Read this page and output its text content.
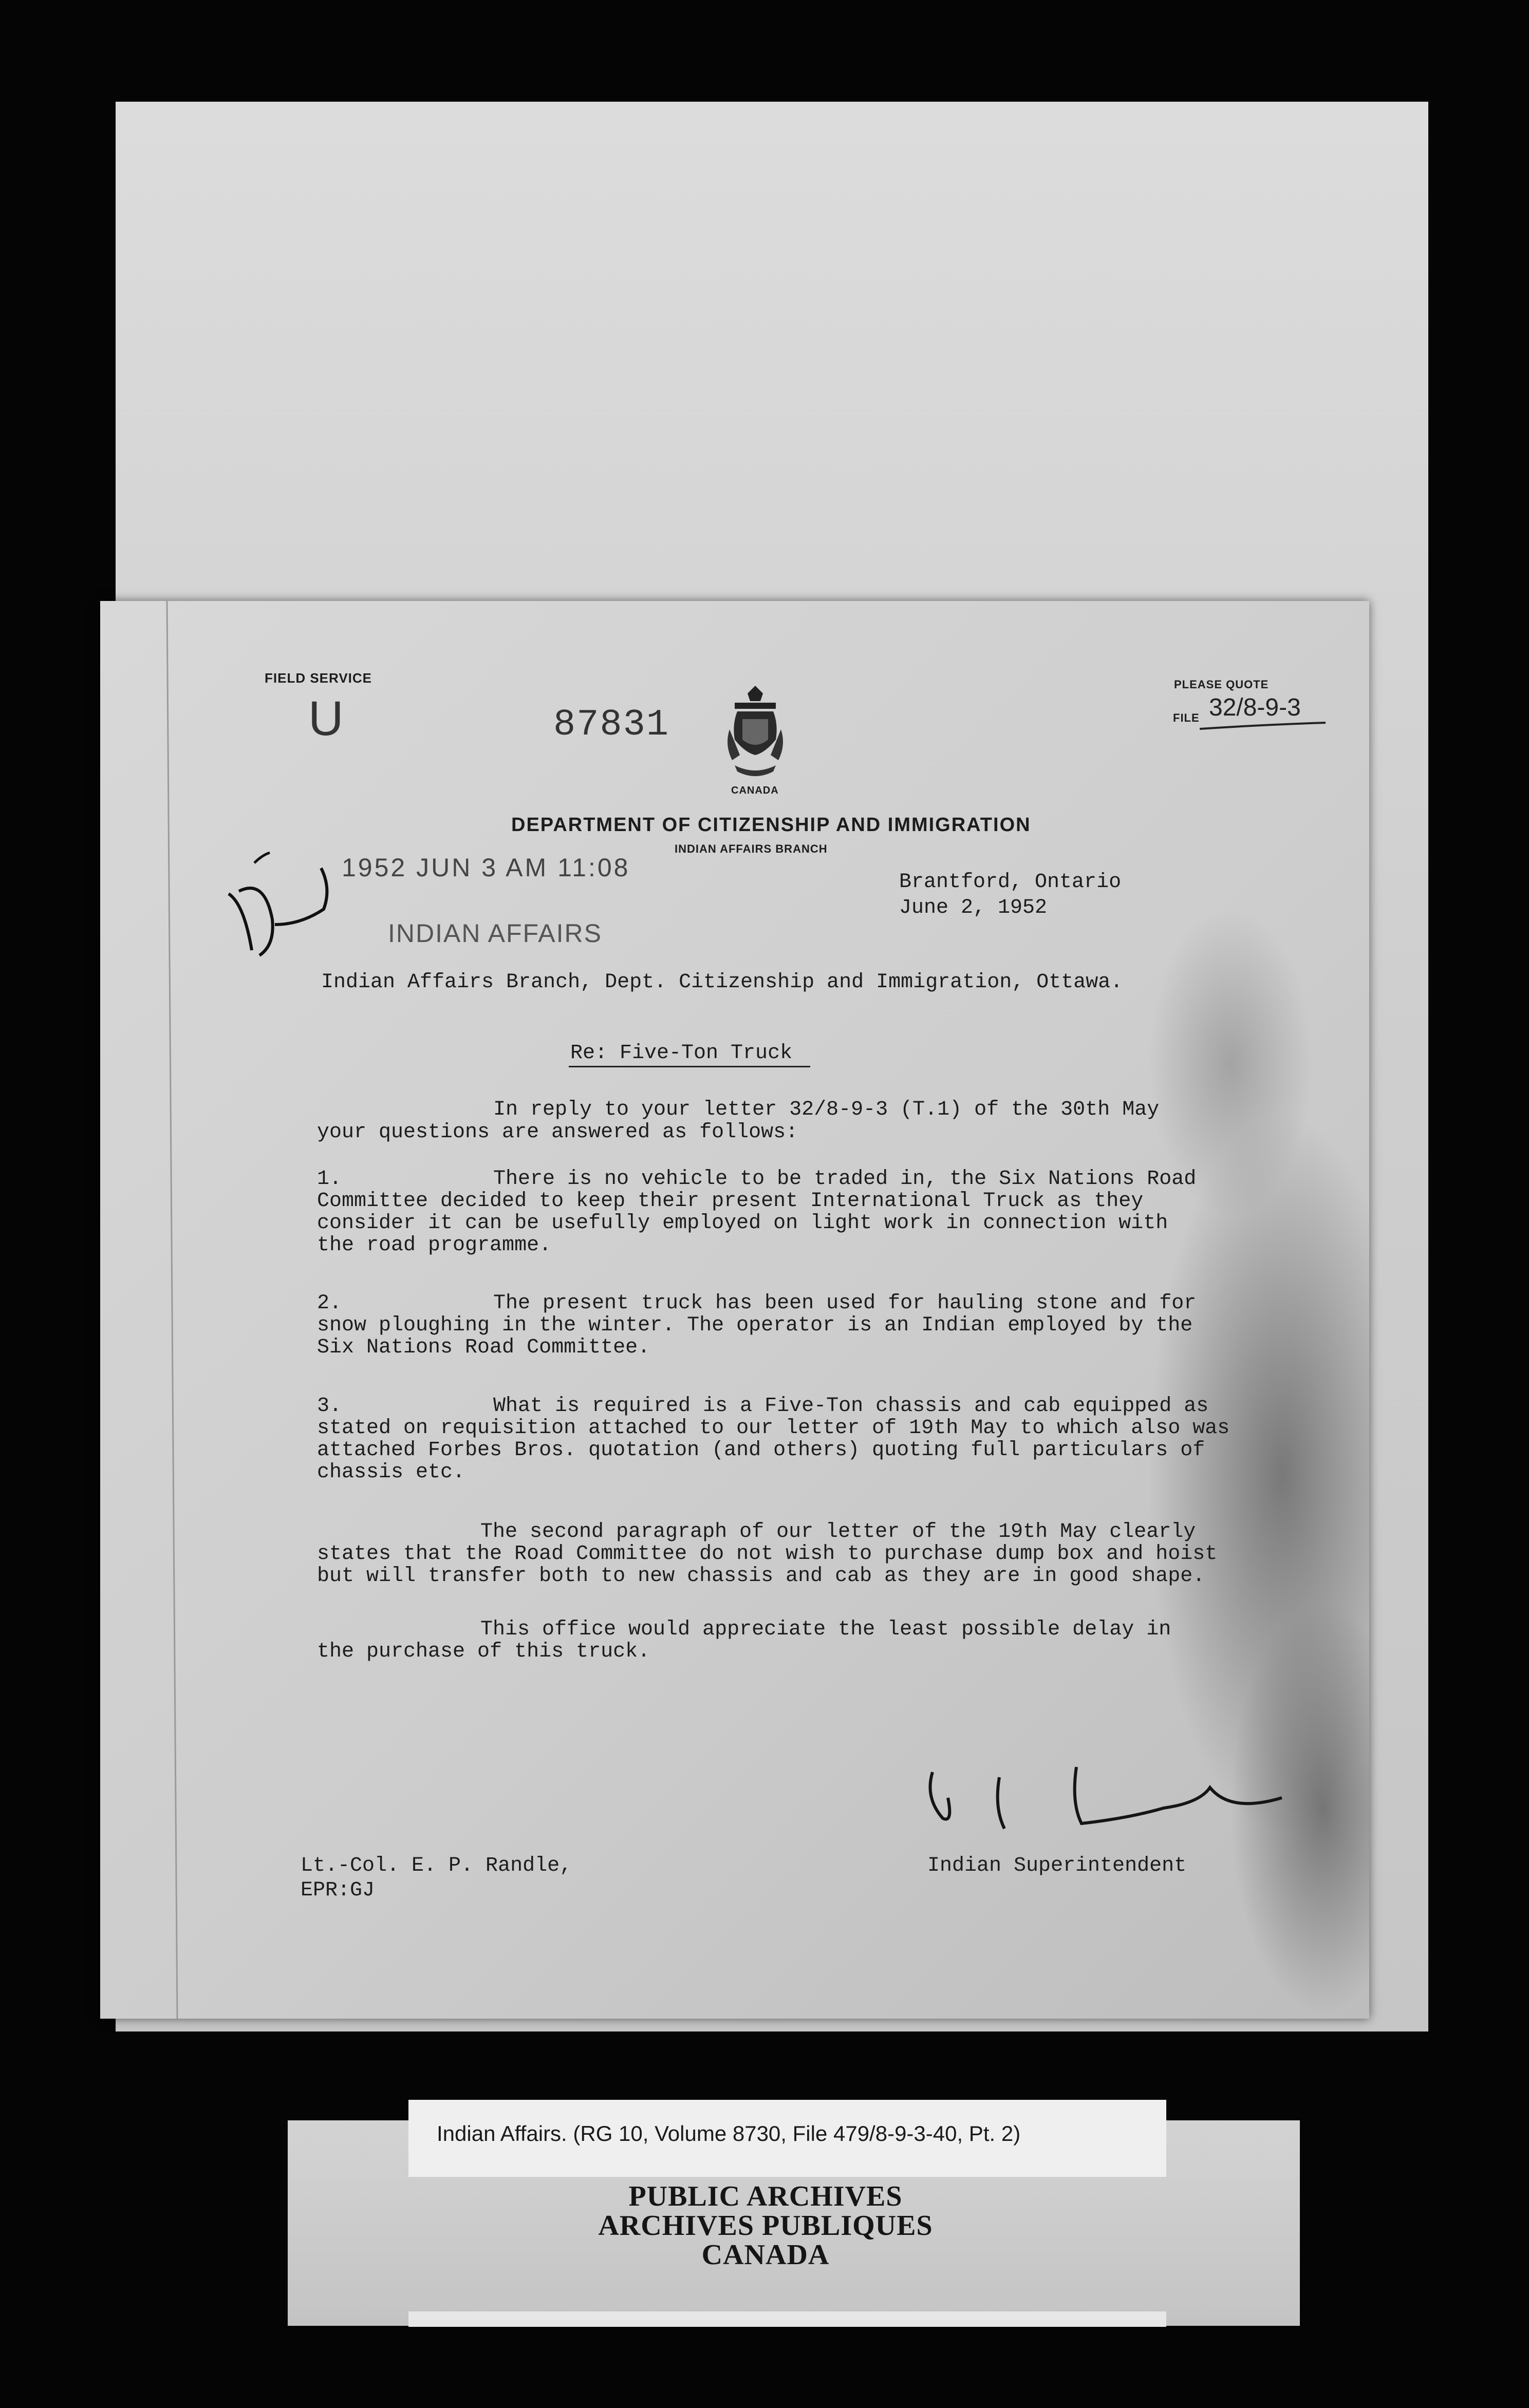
FIELD SERVICE
U	87831
CANADA
PLEASE QUOTE
FILE 32/8-9-3
DEPARTMENT OF CITIZENSHIP AND IMMIGRATION
INDIAN AFFAIRS BRANCH
1952 JUN 3 AM 11:08
INDIAN AFFAIRS
Brantford, Ontario
June 2, 1952
Indian Affairs Branch, Dept. Citizenship and Immigration, Ottawa.
Re: Five-Ton Truck
In reply to your letter 32/8-9-3 (T.1) of the 30th May
your questions are answered as follows:
1.	There is no vehicle to be traded in, the Six Nations Road
Committee decided to keep their present International Truck as they
consider it can be usefully employed on light work in connection with
the road programme.
2.	The present truck has been used for hauling stone and for
snow ploughing in the winter. The operator is an Indian employed by the
Six Nations Road Committee.
3.	What is required is a Five-Ton chassis and cab equipped as
stated on requisition attached to our letter of 19th May to which also was
attached Forbes Bros. quotation (and others) quoting full particulars of
chassis etc.
The second paragraph of our letter of the 19th May clearly
states that the Road Committee do not wish to purchase dump box and hoist
but will transfer both to new chassis and cab as they are in good shape.
This office would appreciate the least possible delay in
the purchase of this truck.
Lt.-Col. E. P. Randle,
EPR:GJ
Indian Superintendent
Indian Affairs. (RG 10, Volume 8730, File 479/8-9-3-40, Pt. 2)
PUBLIC ARCHIVES
ARCHIVES PUBLIQUES
CANADA
